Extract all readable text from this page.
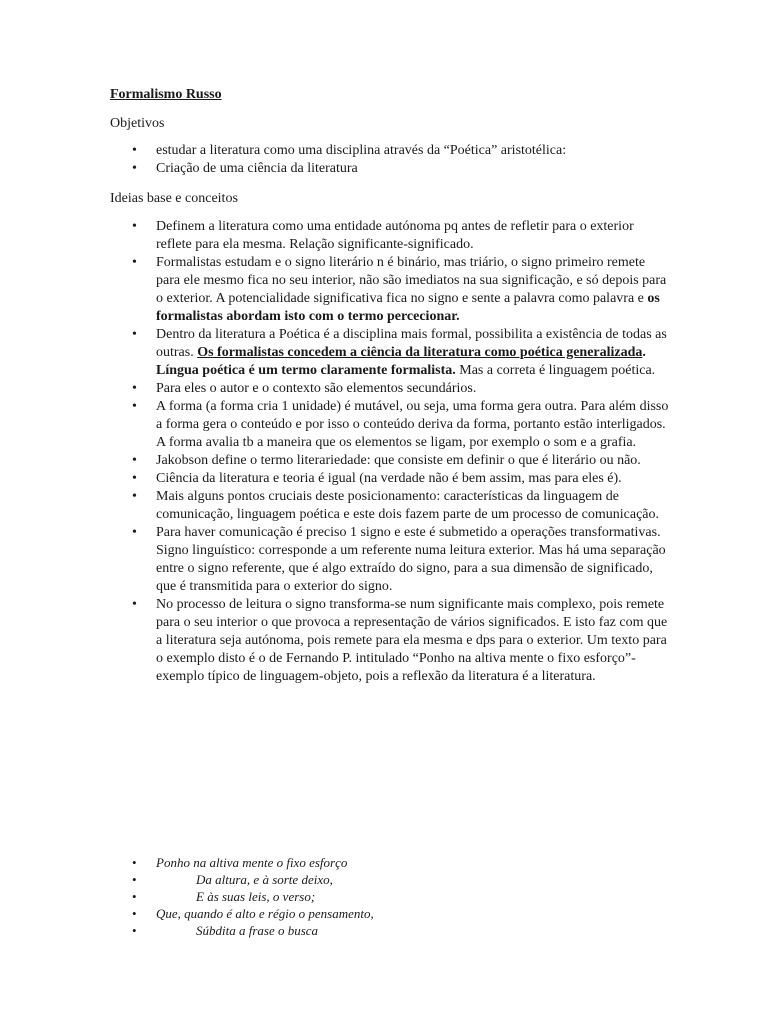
Formalismo Russo
Objetivos
• estudar a literatura como uma disciplina através da “Poética” aristotélica:
• Criação de uma ciência da literatura
Ideias base e conceitos
• Definem a literatura como uma entidade autónoma pq antes de refletir para o exterior reflete para ela mesma. Relação significante-significado.
• Formalistas estudam e o signo literário n é binário, mas triário, o signo primeiro remete para ele mesmo fica no seu interior, não são imediatos na sua significação, e só depois para o exterior. A potencialidade significativa fica no signo e sente a palavra como palavra e os formalistas abordam isto com o termo percecionar.
• Dentro da literatura a Poética é a disciplina mais formal, possibilita a existência de todas as outras. Os formalistas concedem a ciência da literatura como poética generalizada. Língua poética é um termo claramente formalista. Mas a correta é linguagem poética.
• Para eles o autor e o contexto são elementos secundários.
• A forma (a forma cria 1 unidade) é mutável, ou seja, uma forma gera outra. Para além disso a forma gera o conteúdo e por isso o conteúdo deriva da forma, portanto estão interligados. A forma avalia tb a maneira que os elementos se ligam, por exemplo o som e a grafia.
• Jakobson define o termo literariedade: que consiste em definir o que é literário ou não.
• Ciência da literatura e teoria é igual (na verdade não é bem assim, mas para eles é).
• Mais alguns pontos cruciais deste posicionamento: características da linguagem de comunicação, linguagem poética e este dois fazem parte de um processo de comunicação.
• Para haver comunicação é preciso 1 signo e este é submetido a operações transformativas. Signo linguístico: corresponde a um referente numa leitura exterior. Mas há uma separação entre o signo referente, que é algo extraído do signo, para a sua dimensão de significado, que é transmitida para o exterior do signo.
• No processo de leitura o signo transforma-se num significante mais complexo, pois remete para o seu interior o que provoca a representação de vários significados. E isto faz com que a literatura seja autónoma, pois remete para ela mesma e dps para o exterior. Um texto para o exemplo disto é o de Fernando P. intitulado “Ponho na altiva mente o fixo esforço”- exemplo típico de linguagem-objeto, pois a reflexão da literatura é a literatura.
• Ponho na altiva mente o fixo esforço
• Da altura, e à sorte deixo,
• E às suas leis, o verso;
• Que, quando é alto e régio o pensamento,
• Súbdita a frase o busca
